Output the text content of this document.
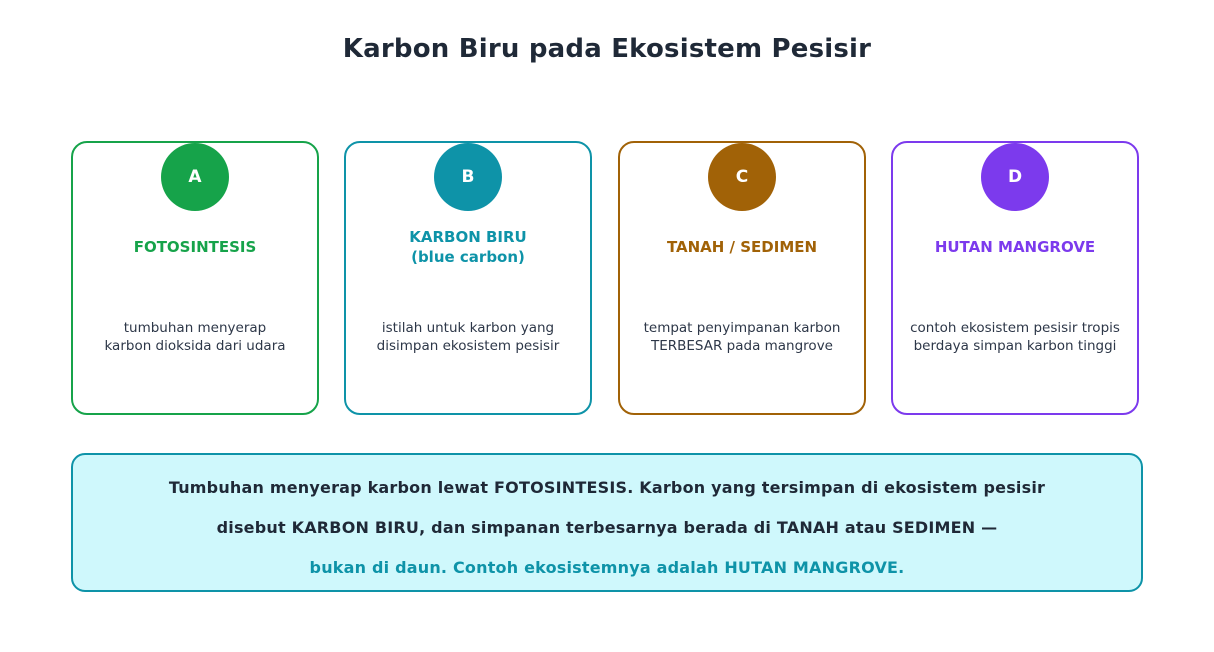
Karbon Biru pada Ekosistem Pesisir
A
FOTOSINTESIS
tumbuhan menyerap
karbon dioksida dari udara
B
KARBON BIRU
(blue carbon)
istilah untuk karbon yang
disimpan ekosistem pesisir
C
TANAH / SEDIMEN
tempat penyimpanan karbon
TERBESAR pada mangrove
D
HUTAN MANGROVE
contoh ekosistem pesisir tropis
berdaya simpan karbon tinggi
Tumbuhan menyerap karbon lewat FOTOSINTESIS. Karbon yang tersimpan di ekosistem pesisir
disebut KARBON BIRU, dan simpanan terbesarnya berada di TANAH atau SEDIMEN —
bukan di daun. Contoh ekosistemnya adalah HUTAN MANGROVE.
